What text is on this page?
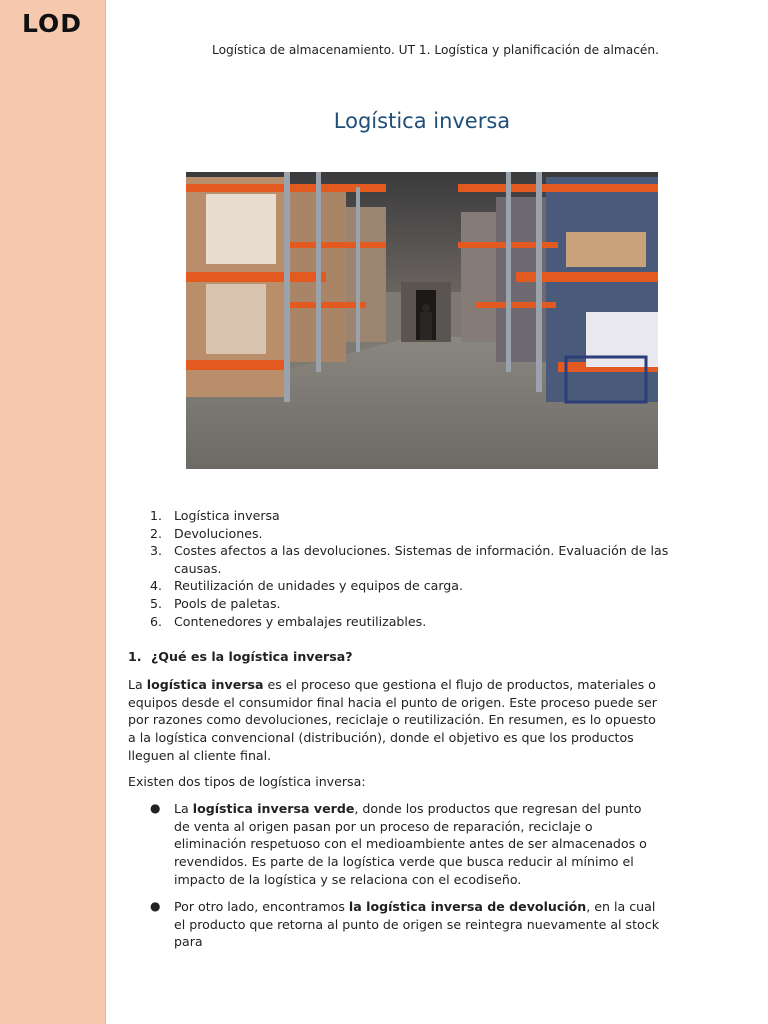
LOD
Logística de almacenamiento. UT 1. Logística y planificación de almacén.
Logística inversa
1. Logística inversa
2. Devoluciones.
3. Costes afectos a las devoluciones. Sistemas de información. Evaluación de las causas.
4. Reutilización de unidades y equipos de carga.
5. Pools de paletas.
6. Contenedores y embalajes reutilizables.
1. ¿Qué es la logística inversa?

La logística inversa es el proceso que gestiona el flujo de productos, materiales o equipos desde el consumidor final hacia el punto de origen. Este proceso puede ser por razones como devoluciones, reciclaje o reutilización. En resumen, es lo opuesto a la logística convencional (distribución), donde el objetivo es que los productos lleguen al cliente final.

Existen dos tipos de logística inversa:

● La logística inversa verde, donde los productos que regresan del punto de venta al origen pasan por un proceso de reparación, reciclaje o eliminación respetuoso con el medioambiente antes de ser almacenados o revendidos. Es parte de la logística verde que busca reducir al mínimo el impacto de la logística y se relaciona con el ecodiseño.
● Por otro lado, encontramos la logística inversa de devolución, en la cual el producto que retorna al punto de origen se reintegra nuevamente al stock para
